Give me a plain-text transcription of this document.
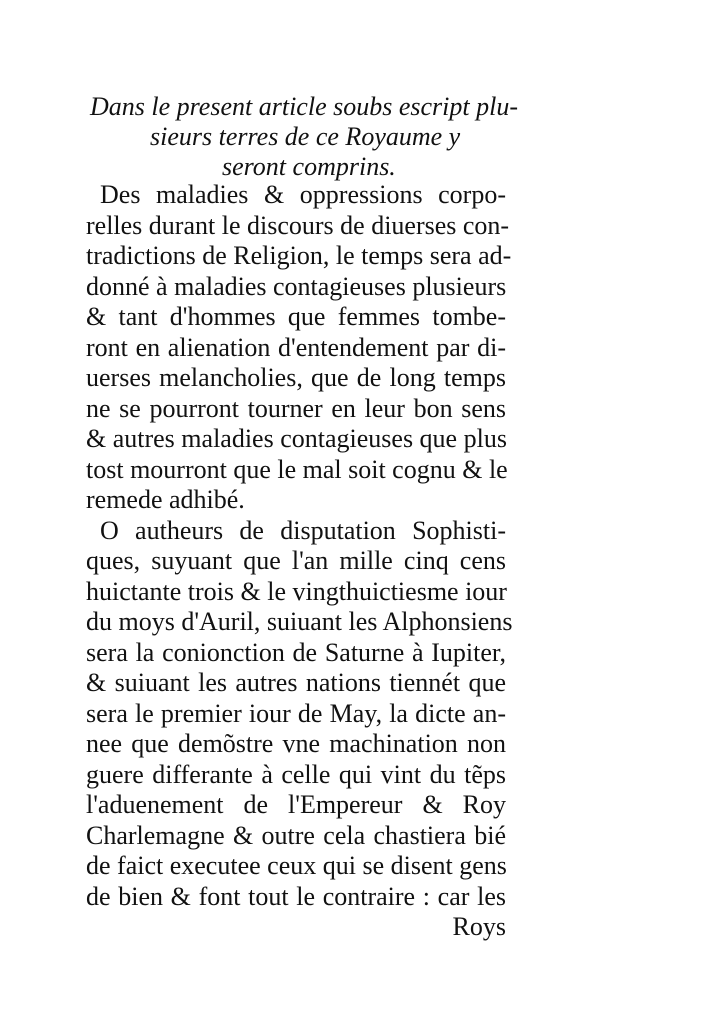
Dans le present article soubs escript plu-
sieurs terres de ce Royaume y
seront comprins.
Des maladies & oppressions corpo-
relles durant le discours de diuerses con-
tradictions de Religion, le temps sera ad-
donné à maladies contagieuses plusieurs
& tant d'hommes que femmes tombe-
ront en alienation d'entendement par di-
uerses melancholies, que de long temps
ne se pourront tourner en leur bon sens
& autres maladies contagieuses que plus
tost mourront que le mal soit cognu & le
remede adhibé.
O autheurs de disputation Sophisti-
ques, suyuant que l'an mille cinq cens
huictante trois & le vingthuictiesme iour
du moys d'Auril, suiuant les Alphonsiens
sera la conionction de Saturne à Iupiter,
& suiuant les autres nations tiennét que
sera le premier iour de May, la dicte an-
nee que demõstre vne machination non
guere differante à celle qui vint du tẽps
l'aduenement de l'Empereur & Roy
Charlemagne & outre cela chastiera bié
de faict executee ceux qui se disent gens
de bien & font tout le contraire : car les
Roys
